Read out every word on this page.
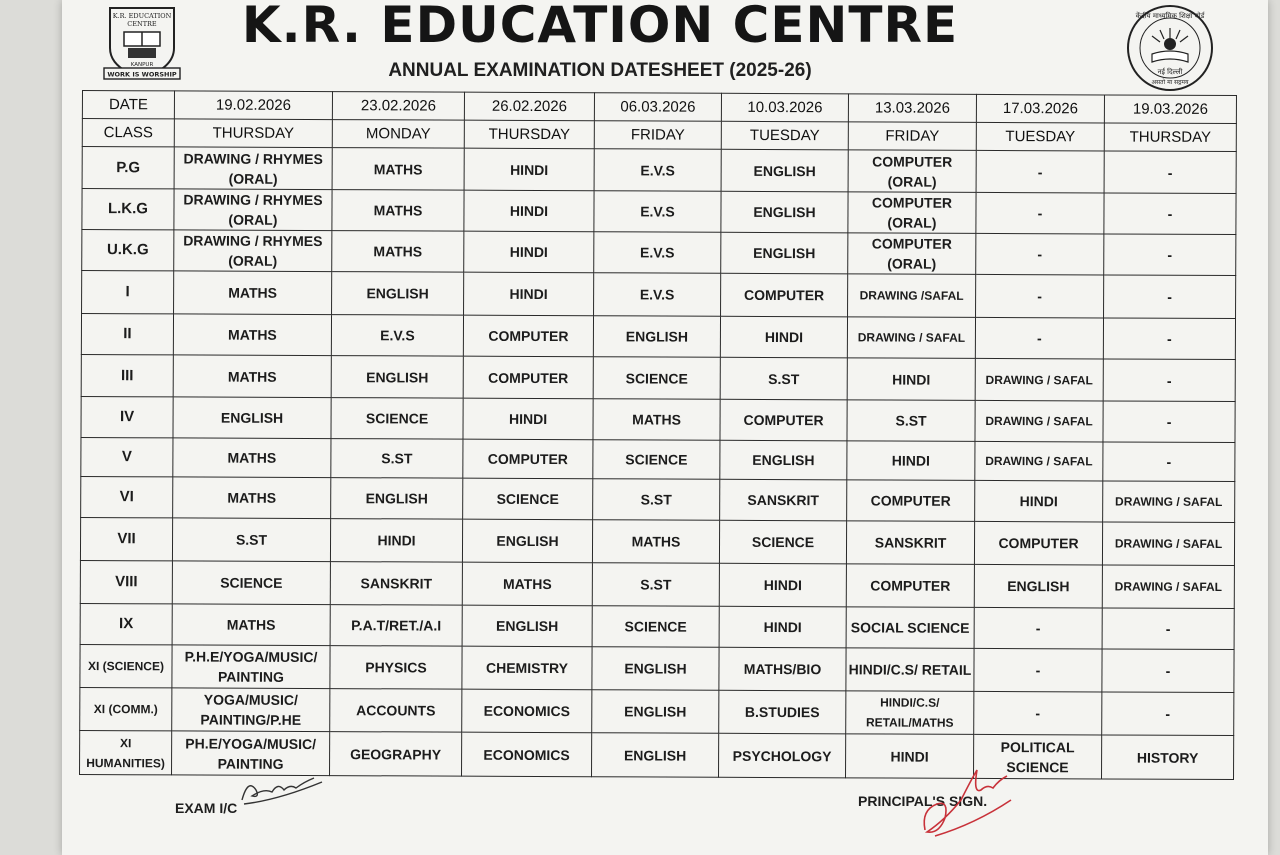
K.R. EDUCATION
CENTRE
KANPUR
WORK IS WORSHIP
K.R. EDUCATION CENTRE
ANNUAL EXAMINATION DATESHEET (2025-26)
केंद्रीय माध्यमिक शिक्षा बोर्ड
नई दिल्ली
असतो मा सद्गमय
DATE	19.02.2026	23.02.2026	26.02.2026	06.03.2026	10.03.2026	13.03.2026	17.03.2026	19.03.2026
CLASS	THURSDAY	MONDAY	THURSDAY	FRIDAY	TUESDAY	FRIDAY	TUESDAY	THURSDAY
P.G	DRAWING / RHYMES (ORAL)	MATHS	HINDI	E.V.S	ENGLISH	COMPUTER (ORAL)	-	-
L.K.G	DRAWING / RHYMES (ORAL)	MATHS	HINDI	E.V.S	ENGLISH	COMPUTER (ORAL)	-	-
U.K.G	DRAWING / RHYMES (ORAL)	MATHS	HINDI	E.V.S	ENGLISH	COMPUTER (ORAL)	-	-
I	MATHS	ENGLISH	HINDI	E.V.S	COMPUTER	DRAWING /SAFAL	-	-
II	MATHS	E.V.S	COMPUTER	ENGLISH	HINDI	DRAWING / SAFAL	-	-
III	MATHS	ENGLISH	COMPUTER	SCIENCE	S.ST	HINDI	DRAWING / SAFAL	-
IV	ENGLISH	SCIENCE	HINDI	MATHS	COMPUTER	S.ST	DRAWING / SAFAL	-
V	MATHS	S.ST	COMPUTER	SCIENCE	ENGLISH	HINDI	DRAWING / SAFAL	-
VI	MATHS	ENGLISH	SCIENCE	S.ST	SANSKRIT	COMPUTER	HINDI	DRAWING / SAFAL
VII	S.ST	HINDI	ENGLISH	MATHS	SCIENCE	SANSKRIT	COMPUTER	DRAWING / SAFAL
VIII	SCIENCE	SANSKRIT	MATHS	S.ST	HINDI	COMPUTER	ENGLISH	DRAWING / SAFAL
IX	MATHS	P.A.T/RET./A.I	ENGLISH	SCIENCE	HINDI	SOCIAL SCIENCE	-	-
XI (SCIENCE)	P.H.E/YOGA/MUSIC/ PAINTING	PHYSICS	CHEMISTRY	ENGLISH	MATHS/BIO	HINDI/C.S/ RETAIL	-	-
XI (COMM.)	YOGA/MUSIC/ PAINTING/P.HE	ACCOUNTS	ECONOMICS	ENGLISH	B.STUDIES	HINDI/C.S/ RETAIL/MATHS	-	-
XI HUMANITIES)	PH.E/YOGA/MUSIC/ PAINTING	GEOGRAPHY	ECONOMICS	ENGLISH	PSYCHOLOGY	HINDI	POLITICAL SCIENCE	HISTORY
EXAM I/C	PRINCIPAL'S SIGN.
